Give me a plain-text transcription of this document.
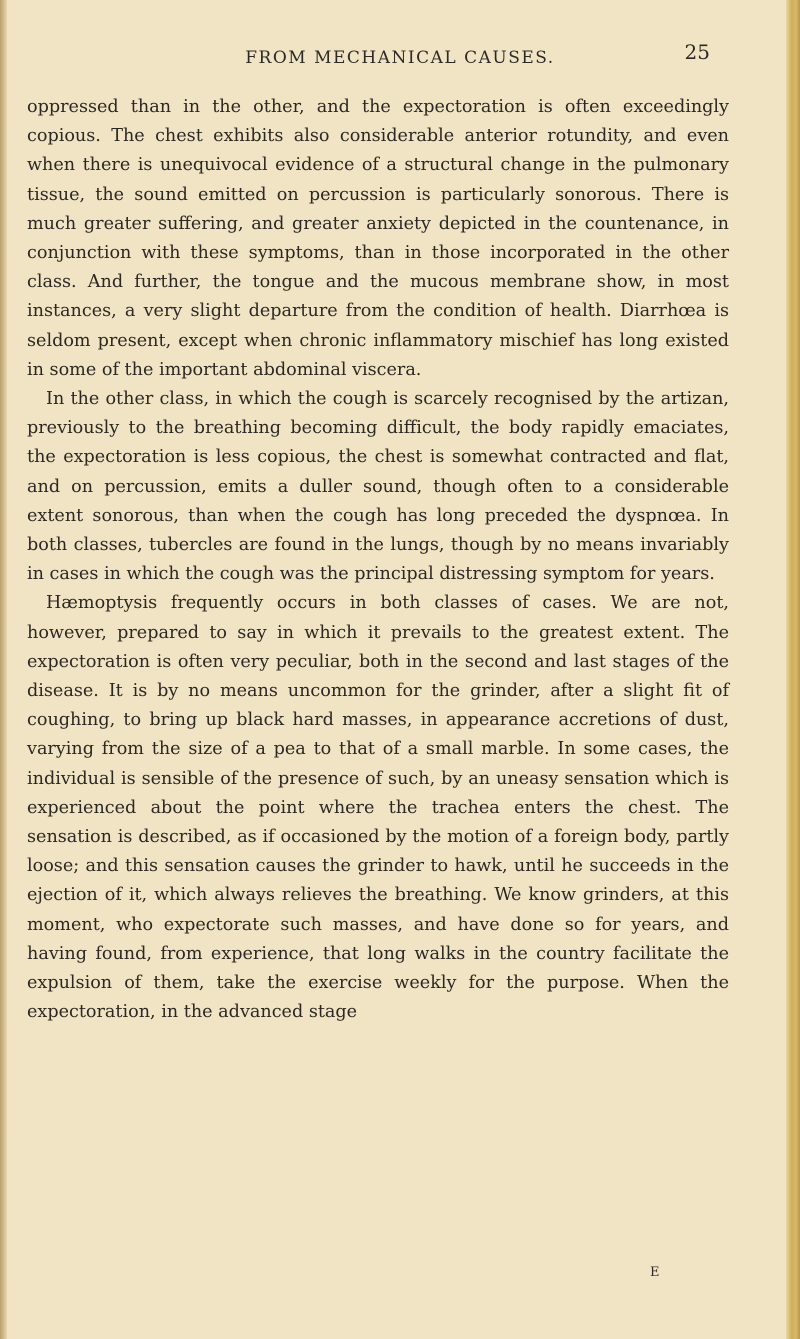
FROM MECHANICAL CAUSES.	25

oppressed than in the other, and the expectoration is often exceedingly copious. The chest exhibits also considerable anterior rotundity, and even when there is unequivocal evidence of a structural change in the pulmonary tissue, the sound emitted on percussion is particularly sonorous. There is much greater suffering, and greater anxiety depicted in the countenance, in conjunction with these symptoms, than in those incorporated in the other class. And further, the tongue and the mucous membrane show, in most instances, a very slight departure from the condition of health. Diarrhœa is seldom present, except when chronic inflammatory mischief has long existed in some of the important abdominal viscera.

In the other class, in which the cough is scarcely recognised by the artizan, previously to the breathing becoming difficult, the body rapidly emaciates, the expectoration is less copious, the chest is somewhat contracted and flat, and on percussion, emits a duller sound, though often to a considerable extent sonorous, than when the cough has long preceded the dyspnœa. In both classes, tubercles are found in the lungs, though by no means invariably in cases in which the cough was the principal distressing symptom for years.

Hæmoptysis frequently occurs in both classes of cases. We are not, however, prepared to say in which it prevails to the greatest extent. The expectoration is often very peculiar, both in the second and last stages of the disease. It is by no means uncommon for the grinder, after a slight fit of coughing, to bring up black hard masses, in appearance accretions of dust, varying from the size of a pea to that of a small marble. In some cases, the individual is sensible of the presence of such, by an uneasy sensation which is experienced about the point where the trachea enters the chest. The sensation is described, as if occasioned by the motion of a foreign body, partly loose; and this sensation causes the grinder to hawk, until he succeeds in the ejection of it, which always relieves the breathing. We know grinders, at this moment, who expectorate such masses, and have done so for years, and having found, from experience, that long walks in the country facilitate the expulsion of them, take the exercise weekly for the purpose. When the expectoration, in the advanced stage

E
